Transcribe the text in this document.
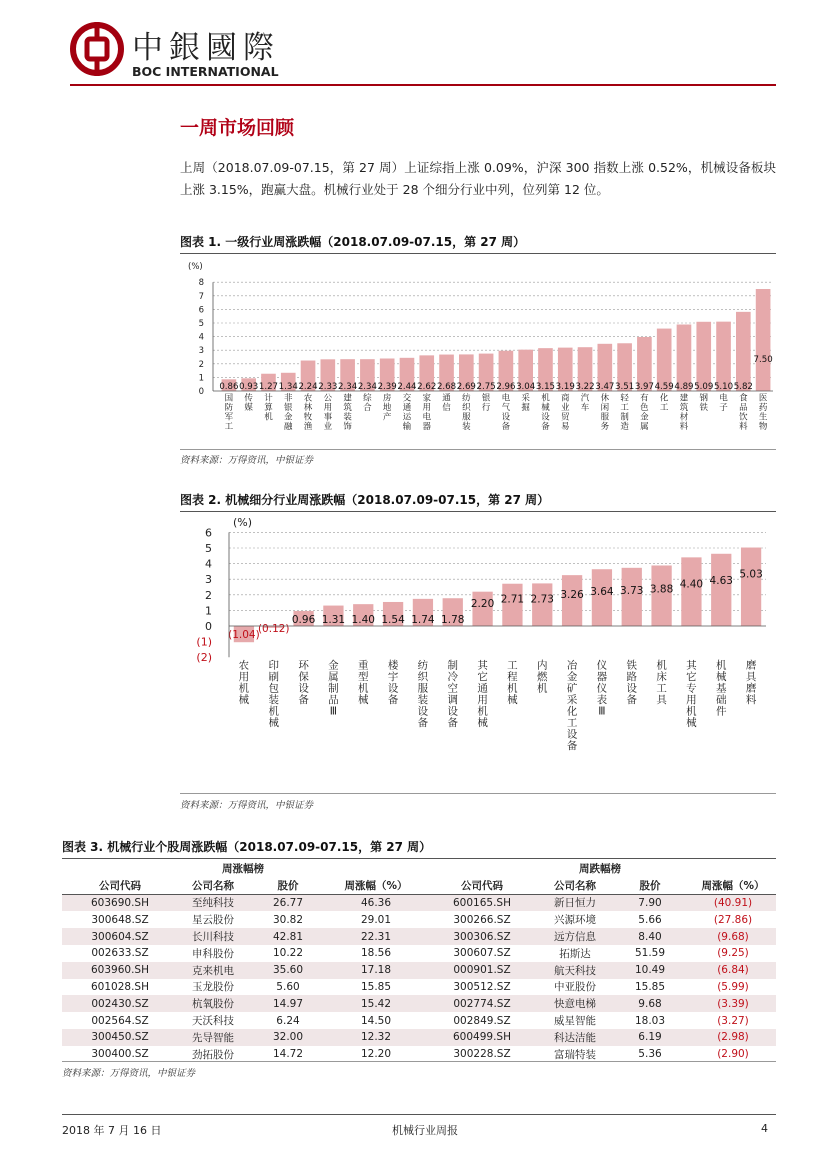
中銀國際
BOC INTERNATIONAL
一周市场回顾
上周（2018.07.09-07.15，第 27 周）上证综指上涨 0.09%，沪深 300 指数上涨 0.52%，机械设备板块上涨 3.15%，跑赢大盘。机械行业处于 28 个细分行业中列，位列第 12 位。
图表 1. 一级行业周涨跌幅（2018.07.09-07.15，第 27 周）
(%)
0
1
2
3
4
5
6
7
8
0.86
国防军工
0.93
传媒
1.27
计算机
1.34
非银金融
2.24
农林牧渔
2.33
公用事业
2.34
建筑装饰
2.34
综合
2.39
房地产
2.44
交通运输
2.62
家用电器
2.68
通信
2.69
纺织服装
2.75
银行
2.96
电气设备
3.04
采掘
3.15
机械设备
3.19
商业贸易
3.22
汽车
3.47
休闲服务
3.51
轻工制造
3.97
有色金属
4.59
化工
4.89
建筑材料
5.09
钢铁
5.10
电子
5.82
食品饮料
7.50
医药生物
资料来源：万得资讯，中银证券
图表 2. 机械细分行业周涨跌幅（2018.07.09-07.15，第 27 周）
(%)
(2)
(1)
0
1
2
3
4
5
6
(1.04)
农用机械
(0.12)
印刷包装机械
0.96
环保设备
1.31
金属制品 Ⅲ
1.40
重型机械
1.54
楼宇设备
1.74
纺织服装设备
1.78
制冷空调设备
2.20
其它通用机械
2.71
工程机械
2.73
内燃机
3.26
冶金矿采化工设备
3.64
仪器仪表 Ⅲ
3.73
铁路设备
3.88
机床工具
4.40
其它专用机械
4.63
机械基础件
5.03
磨具磨料
资料来源：万得资讯，中银证券
图表 3. 机械行业个股周涨跌幅（2018.07.09-07.15，第 27 周）
周涨幅榜				周跌幅榜			
公司代码	公司名称	股价	周涨幅（%）	公司代码	公司名称	股价	周涨幅（%）
603690.SH	至纯科技	26.77	46.36	600165.SH	新日恒力	7.90	(40.91)
300648.SZ	星云股份	30.82	29.01	300266.SZ	兴源环境	5.66	(27.86)
300604.SZ	长川科技	42.81	22.31	300306.SZ	远方信息	8.40	(9.68)
002633.SZ	申科股份	10.22	18.56	300607.SZ	拓斯达	51.59	(9.25)
603960.SH	克来机电	35.60	17.18	000901.SZ	航天科技	10.49	(6.84)
601028.SH	玉龙股份	5.60	15.85	300512.SZ	中亚股份	15.85	(5.99)
002430.SZ	杭氧股份	14.97	15.42	002774.SZ	快意电梯	9.68	(3.39)
002564.SZ	天沃科技	6.24	14.50	002849.SZ	威星智能	18.03	(3.27)
300450.SZ	先导智能	32.00	12.32	600499.SH	科达洁能	6.19	(2.98)
300400.SZ	劲拓股份	14.72	12.20	300228.SZ	富瑞特装	5.36	(2.90)
资料来源：万得资讯，中银证券
2018 年 7 月 16 日	机械行业周报	4
